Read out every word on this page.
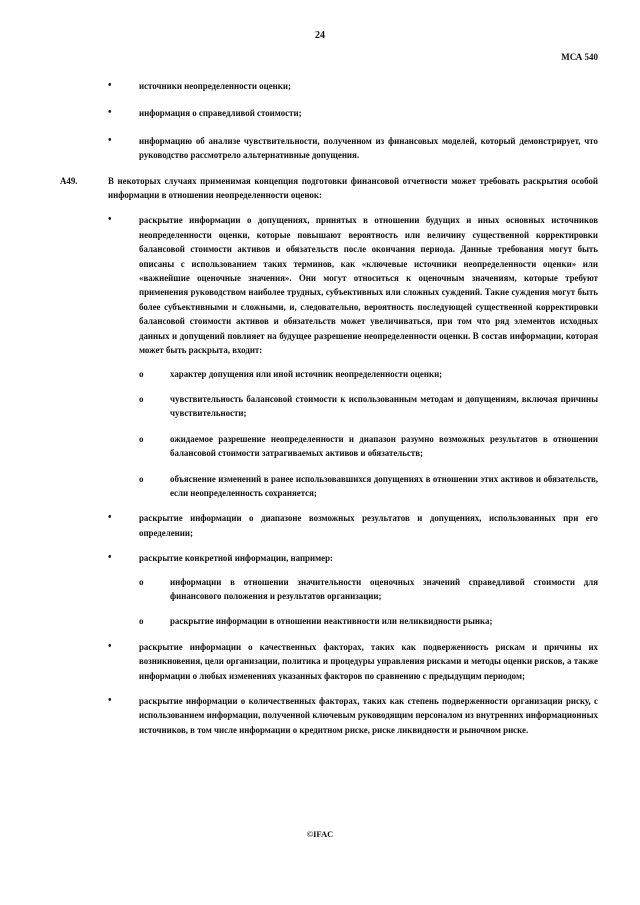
24
МСА 540
•	источники неопределенности оценки;
•	информация о справедливой стоимости;
•	информацию об анализе чувствительности, полученном из финансовых моделей, который демонстрирует, что руководство рассмотрело альтернативные допущения.
A49.	В некоторых случаях применимая концепция подготовки финансовой отчетности может требовать раскрытия особой информации в отношении неопределенности оценок:
•	раскрытие информации о допущениях, принятых в отношении будущих и иных основных источников неопределенности оценки, которые повышают вероятность или величину существенной корректировки балансовой стоимости активов и обязательств после окончания периода. Данные требования могут быть описаны с использованием таких терминов, как «ключевые источники неопределенности оценки» или «важнейшие оценочные значения». Они могут относиться к оценочным значениям, которые требуют применения руководством наиболее трудных, субъективных или сложных суждений. Такие суждения могут быть более субъективными и сложными, и, следовательно, вероятность последующей существенной корректировки балансовой стоимости активов и обязательств может увеличиваться, при том что ряд элементов исходных данных и допущений повлияет на будущее разрешение неопределенности оценки. В состав информации, которая может быть раскрыта, входит:
o	характер допущения или иной источник неопределенности оценки;
o	чувствительность балансовой стоимости к использованным методам и допущениям, включая причины чувствительности;
o	ожидаемое разрешение неопределенности и диапазон разумно возможных результатов в отношении балансовой стоимости затрагиваемых активов и обязательств;
o	объяснение изменений в ранее использовавшихся допущениях в отношении этих активов и обязательств, если неопределенность сохраняется;
•	раскрытие информации о диапазоне возможных результатов и допущениях, использованных при его определении;
•	раскрытие конкретной информации, например:
o	информации в отношении значительности оценочных значений справедливой стоимости для финансового положения и результатов организации;
o	раскрытие информации в отношении неактивности или неликвидности рынка;
•	раскрытие информации о качественных факторах, таких как подверженность рискам и причины их возникновения, цели организации, политика и процедуры управления рисками и методы оценки рисков, а также информации о любых изменениях указанных факторов по сравнению с предыдущим периодом;
•	раскрытие информации о количественных факторах, таких как степень подверженности организации риску, с использованием информации, полученной ключевым руководящим персоналом из внутренних информационных источников, в том числе информации о кредитном риске, риске ликвидности и рыночном риске.
©IFAC
